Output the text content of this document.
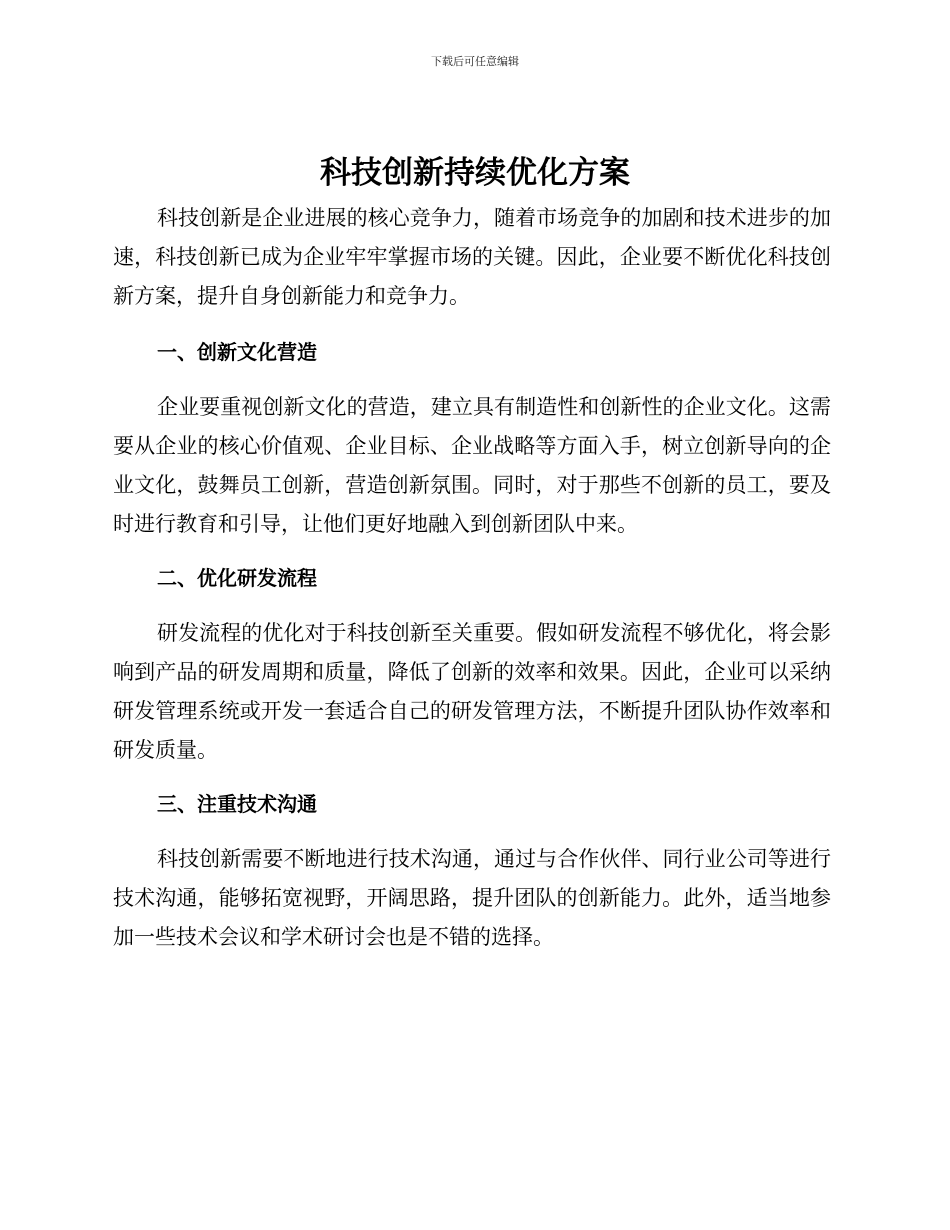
下载后可任意编辑
科技创新持续优化方案

科技创新是企业进展的核心竞争力，随着市场竞争的加剧和技术进步的加速，科技创新已成为企业牢牢掌握市场的关键。因此，企业要不断优化科技创新方案，提升自身创新能力和竞争力。

一、创新文化营造

企业要重视创新文化的营造，建立具有制造性和创新性的企业文化。这需要从企业的核心价值观、企业目标、企业战略等方面入手，树立创新导向的企业文化，鼓舞员工创新，营造创新氛围。同时，对于那些不创新的员工，要及时进行教育和引导，让他们更好地融入到创新团队中来。

二、优化研发流程

研发流程的优化对于科技创新至关重要。假如研发流程不够优化，将会影响到产品的研发周期和质量，降低了创新的效率和效果。因此，企业可以采纳研发管理系统或开发一套适合自己的研发管理方法，不断提升团队协作效率和研发质量。

三、注重技术沟通

科技创新需要不断地进行技术沟通，通过与合作伙伴、同行业公司等进行技术沟通，能够拓宽视野，开阔思路，提升团队的创新能力。此外，适当地参加一些技术会议和学术研讨会也是不错的选择。
